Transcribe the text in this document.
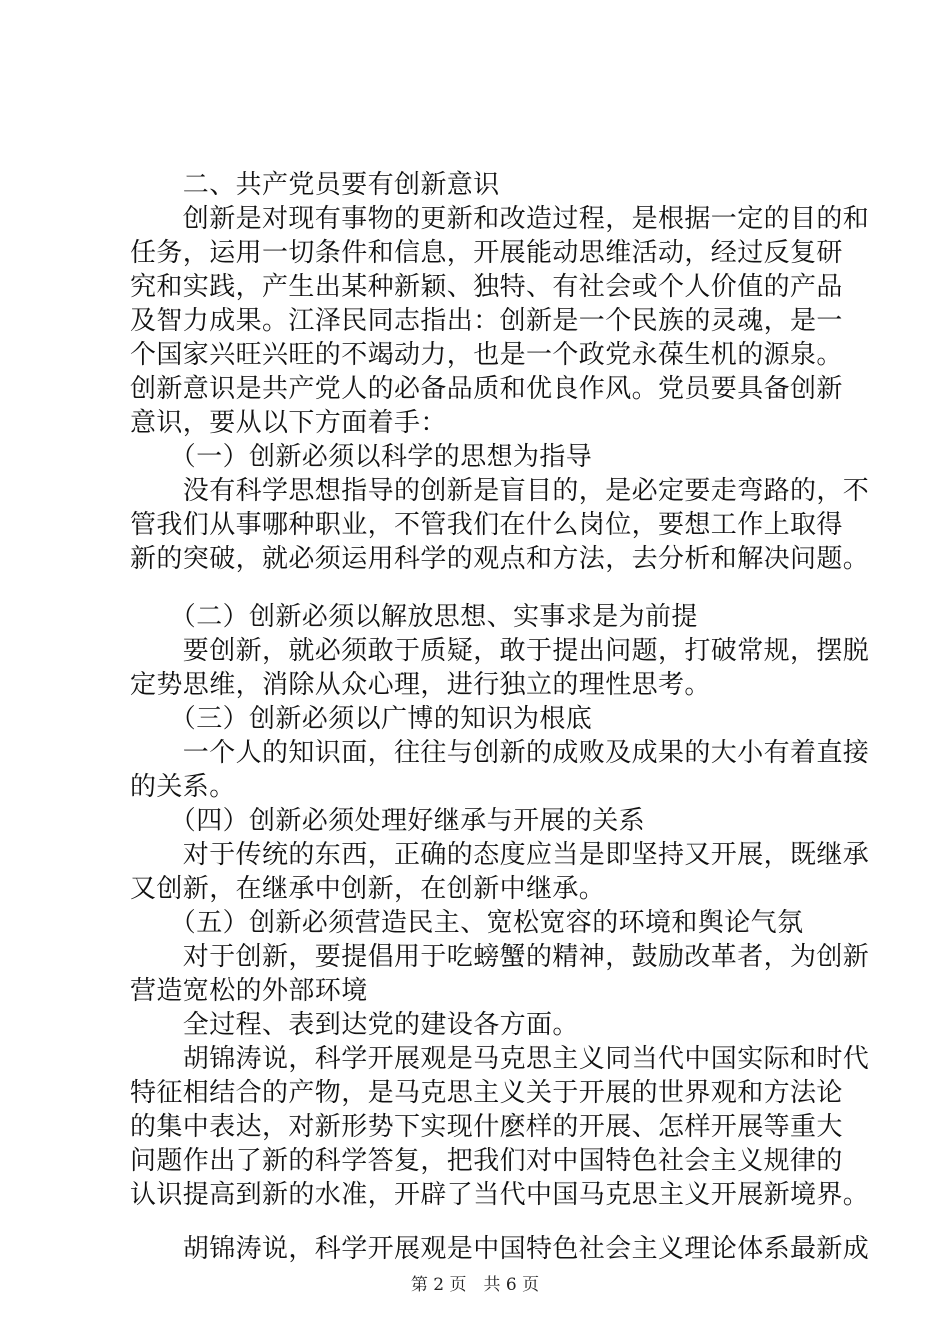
　　二、共产党员要有创新意识
　　创新是对现有事物的更新和改造过程，是根据一定的目的和
任务，运用一切条件和信息，开展能动思维活动，经过反复研
究和实践，产生出某种新颖、独特、有社会或个人价值的产品
及智力成果。江泽民同志指出：创新是一个民族的灵魂，是一
个国家兴旺兴旺的不竭动力，也是一个政党永葆生机的源泉。
创新意识是共产党人的必备品质和优良作风。党员要具备创新
意识，要从以下方面着手：
　　（一）创新必须以科学的思想为指导
　　没有科学思想指导的创新是盲目的，是必定要走弯路的，不
管我们从事哪种职业，不管我们在什么岗位，要想工作上取得
新的突破，就必须运用科学的观点和方法，去分析和解决问题。
　　（二）创新必须以解放思想、实事求是为前提
　　要创新，就必须敢于质疑，敢于提出问题，打破常规，摆脱
定势思维，消除从众心理，进行独立的理性思考。
　　（三）创新必须以广博的知识为根底
　　一个人的知识面，往往与创新的成败及成果的大小有着直接
的关系。
　　（四）创新必须处理好继承与开展的关系
　　对于传统的东西，正确的态度应当是即坚持又开展，既继承
又创新，在继承中创新，在创新中继承。
　　（五）创新必须营造民主、宽松宽容的环境和舆论气氛
　　对于创新，要提倡用于吃螃蟹的精神，鼓励改革者，为创新
营造宽松的外部环境
　　全过程、表到达党的建设各方面。
　　胡锦涛说，科学开展观是马克思主义同当代中国实际和时代
特征相结合的产物，是马克思主义关于开展的世界观和方法论
的集中表达，对新形势下实现什麽样的开展、怎样开展等重大
问题作出了新的科学答复，把我们对中国特色社会主义规律的
认识提高到新的水准，开辟了当代中国马克思主义开展新境界。
　　胡锦涛说，科学开展观是中国特色社会主义理论体系最新成
第 2 页　共 6 页
